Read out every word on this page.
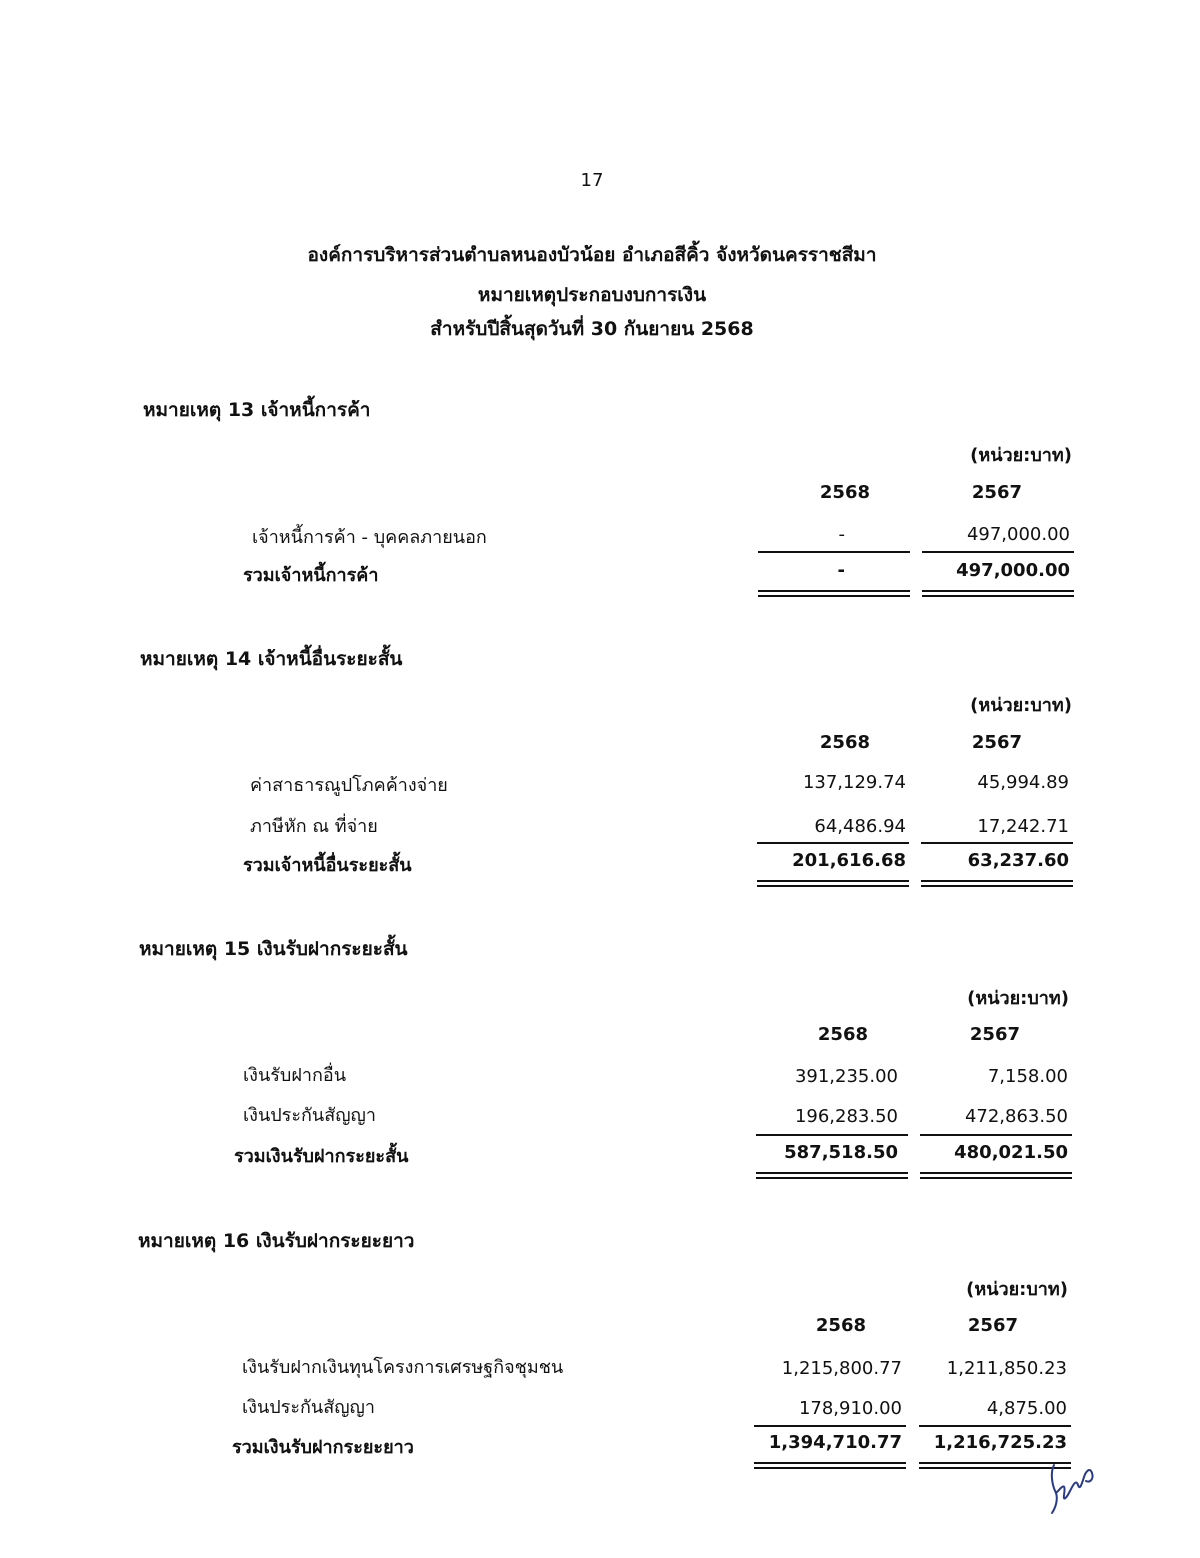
17
องค์การบริหารส่วนตำบลหนองบัวน้อย อำเภอสีคิ้ว จังหวัดนครราชสีมา
หมายเหตุประกอบงบการเงิน
สำหรับปีสิ้นสุดวันที่ 30 กันยายน 2568
หมายเหตุ 13 เจ้าหนี้การค้า
(หน่วย:บาท)
2568	2567
เจ้าหนี้การค้า - บุคคลภายนอก	-	497,000.00
รวมเจ้าหนี้การค้า	-	497,000.00
หมายเหตุ 14 เจ้าหนี้อื่นระยะสั้น
(หน่วย:บาท)
2568	2567
ค่าสาธารณูปโภคค้างจ่าย	137,129.74	45,994.89
ภาษีหัก ณ ที่จ่าย	64,486.94	17,242.71
รวมเจ้าหนี้อื่นระยะสั้น	201,616.68	63,237.60
หมายเหตุ 15 เงินรับฝากระยะสั้น
(หน่วย:บาท)
2568	2567
เงินรับฝากอื่น	391,235.00	7,158.00
เงินประกันสัญญา	196,283.50	472,863.50
รวมเงินรับฝากระยะสั้น	587,518.50	480,021.50
หมายเหตุ 16 เงินรับฝากระยะยาว
(หน่วย:บาท)
2568	2567
เงินรับฝากเงินทุนโครงการเศรษฐกิจชุมชน	1,215,800.77	1,211,850.23
เงินประกันสัญญา	178,910.00	4,875.00
รวมเงินรับฝากระยะยาว	1,394,710.77	1,216,725.23
